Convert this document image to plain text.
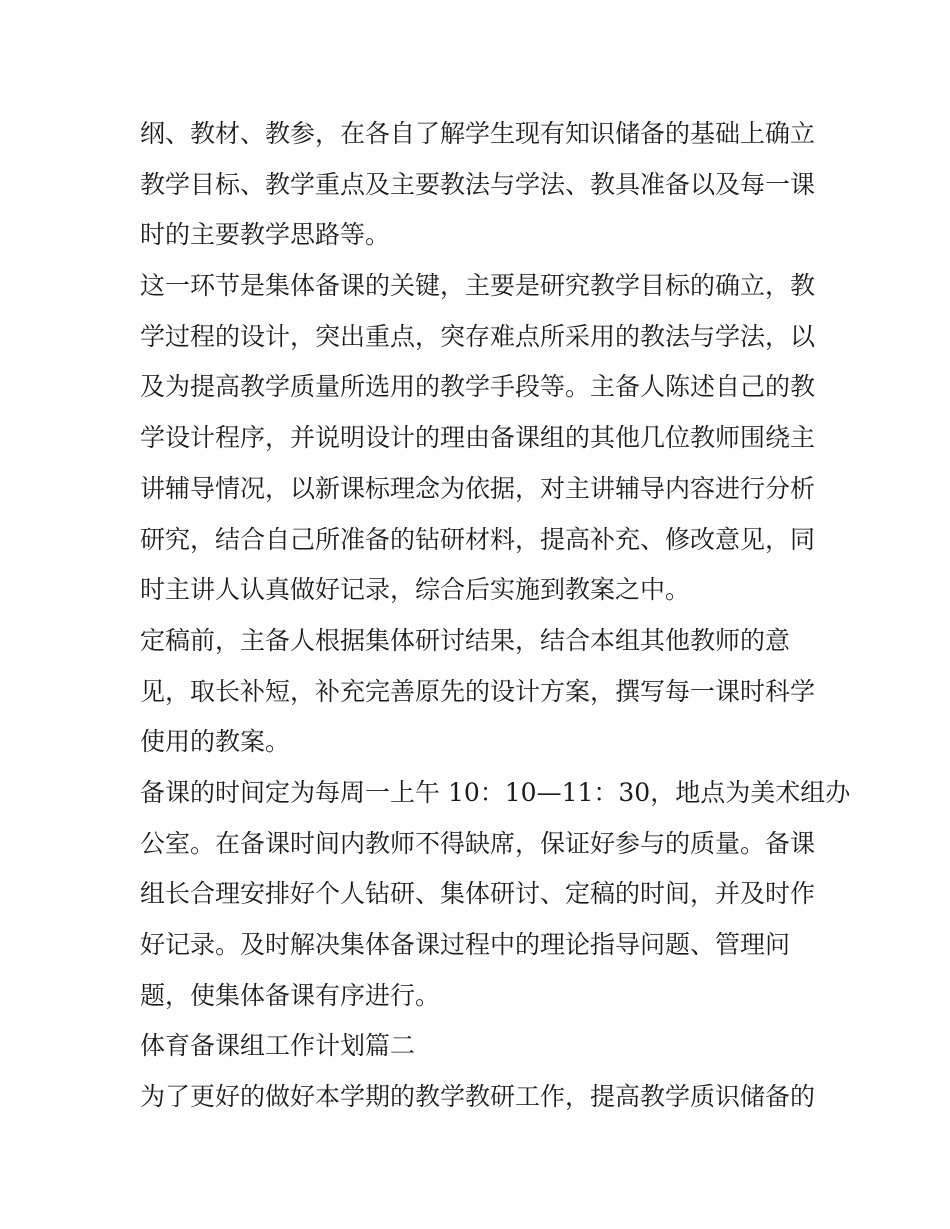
纲、教材、教参，在各自了解学生现有知识储备的基础上确立
教学目标、教学重点及主要教法与学法、教具准备以及每一课
时的主要教学思路等。
这一环节是集体备课的关键，主要是研究教学目标的确立，教
学过程的设计，突出重点，突存难点所采用的教法与学法，以
及为提高教学质量所选用的教学手段等。主备人陈述自己的教
学设计程序，并说明设计的理由备课组的其他几位教师围绕主
讲辅导情况，以新课标理念为依据，对主讲辅导内容进行分析
研究，结合自己所准备的钻研材料，提高补充、修改意见，同
时主讲人认真做好记录，综合后实施到教案之中。
定稿前，主备人根据集体研讨结果，结合本组其他教师的意
见，取长补短，补充完善原先的设计方案，撰写每一课时科学
使用的教案。
备课的时间定为每周一上午 10：10—11：30，地点为美术组办
公室。在备课时间内教师不得缺席，保证好参与的质量。备课
组长合理安排好个人钻研、集体研讨、定稿的时间，并及时作
好记录。及时解决集体备课过程中的理论指导问题、管理问
题，使集体备课有序进行。
体育备课组工作计划篇二
为了更好的做好本学期的教学教研工作，提高教学质识储备的
